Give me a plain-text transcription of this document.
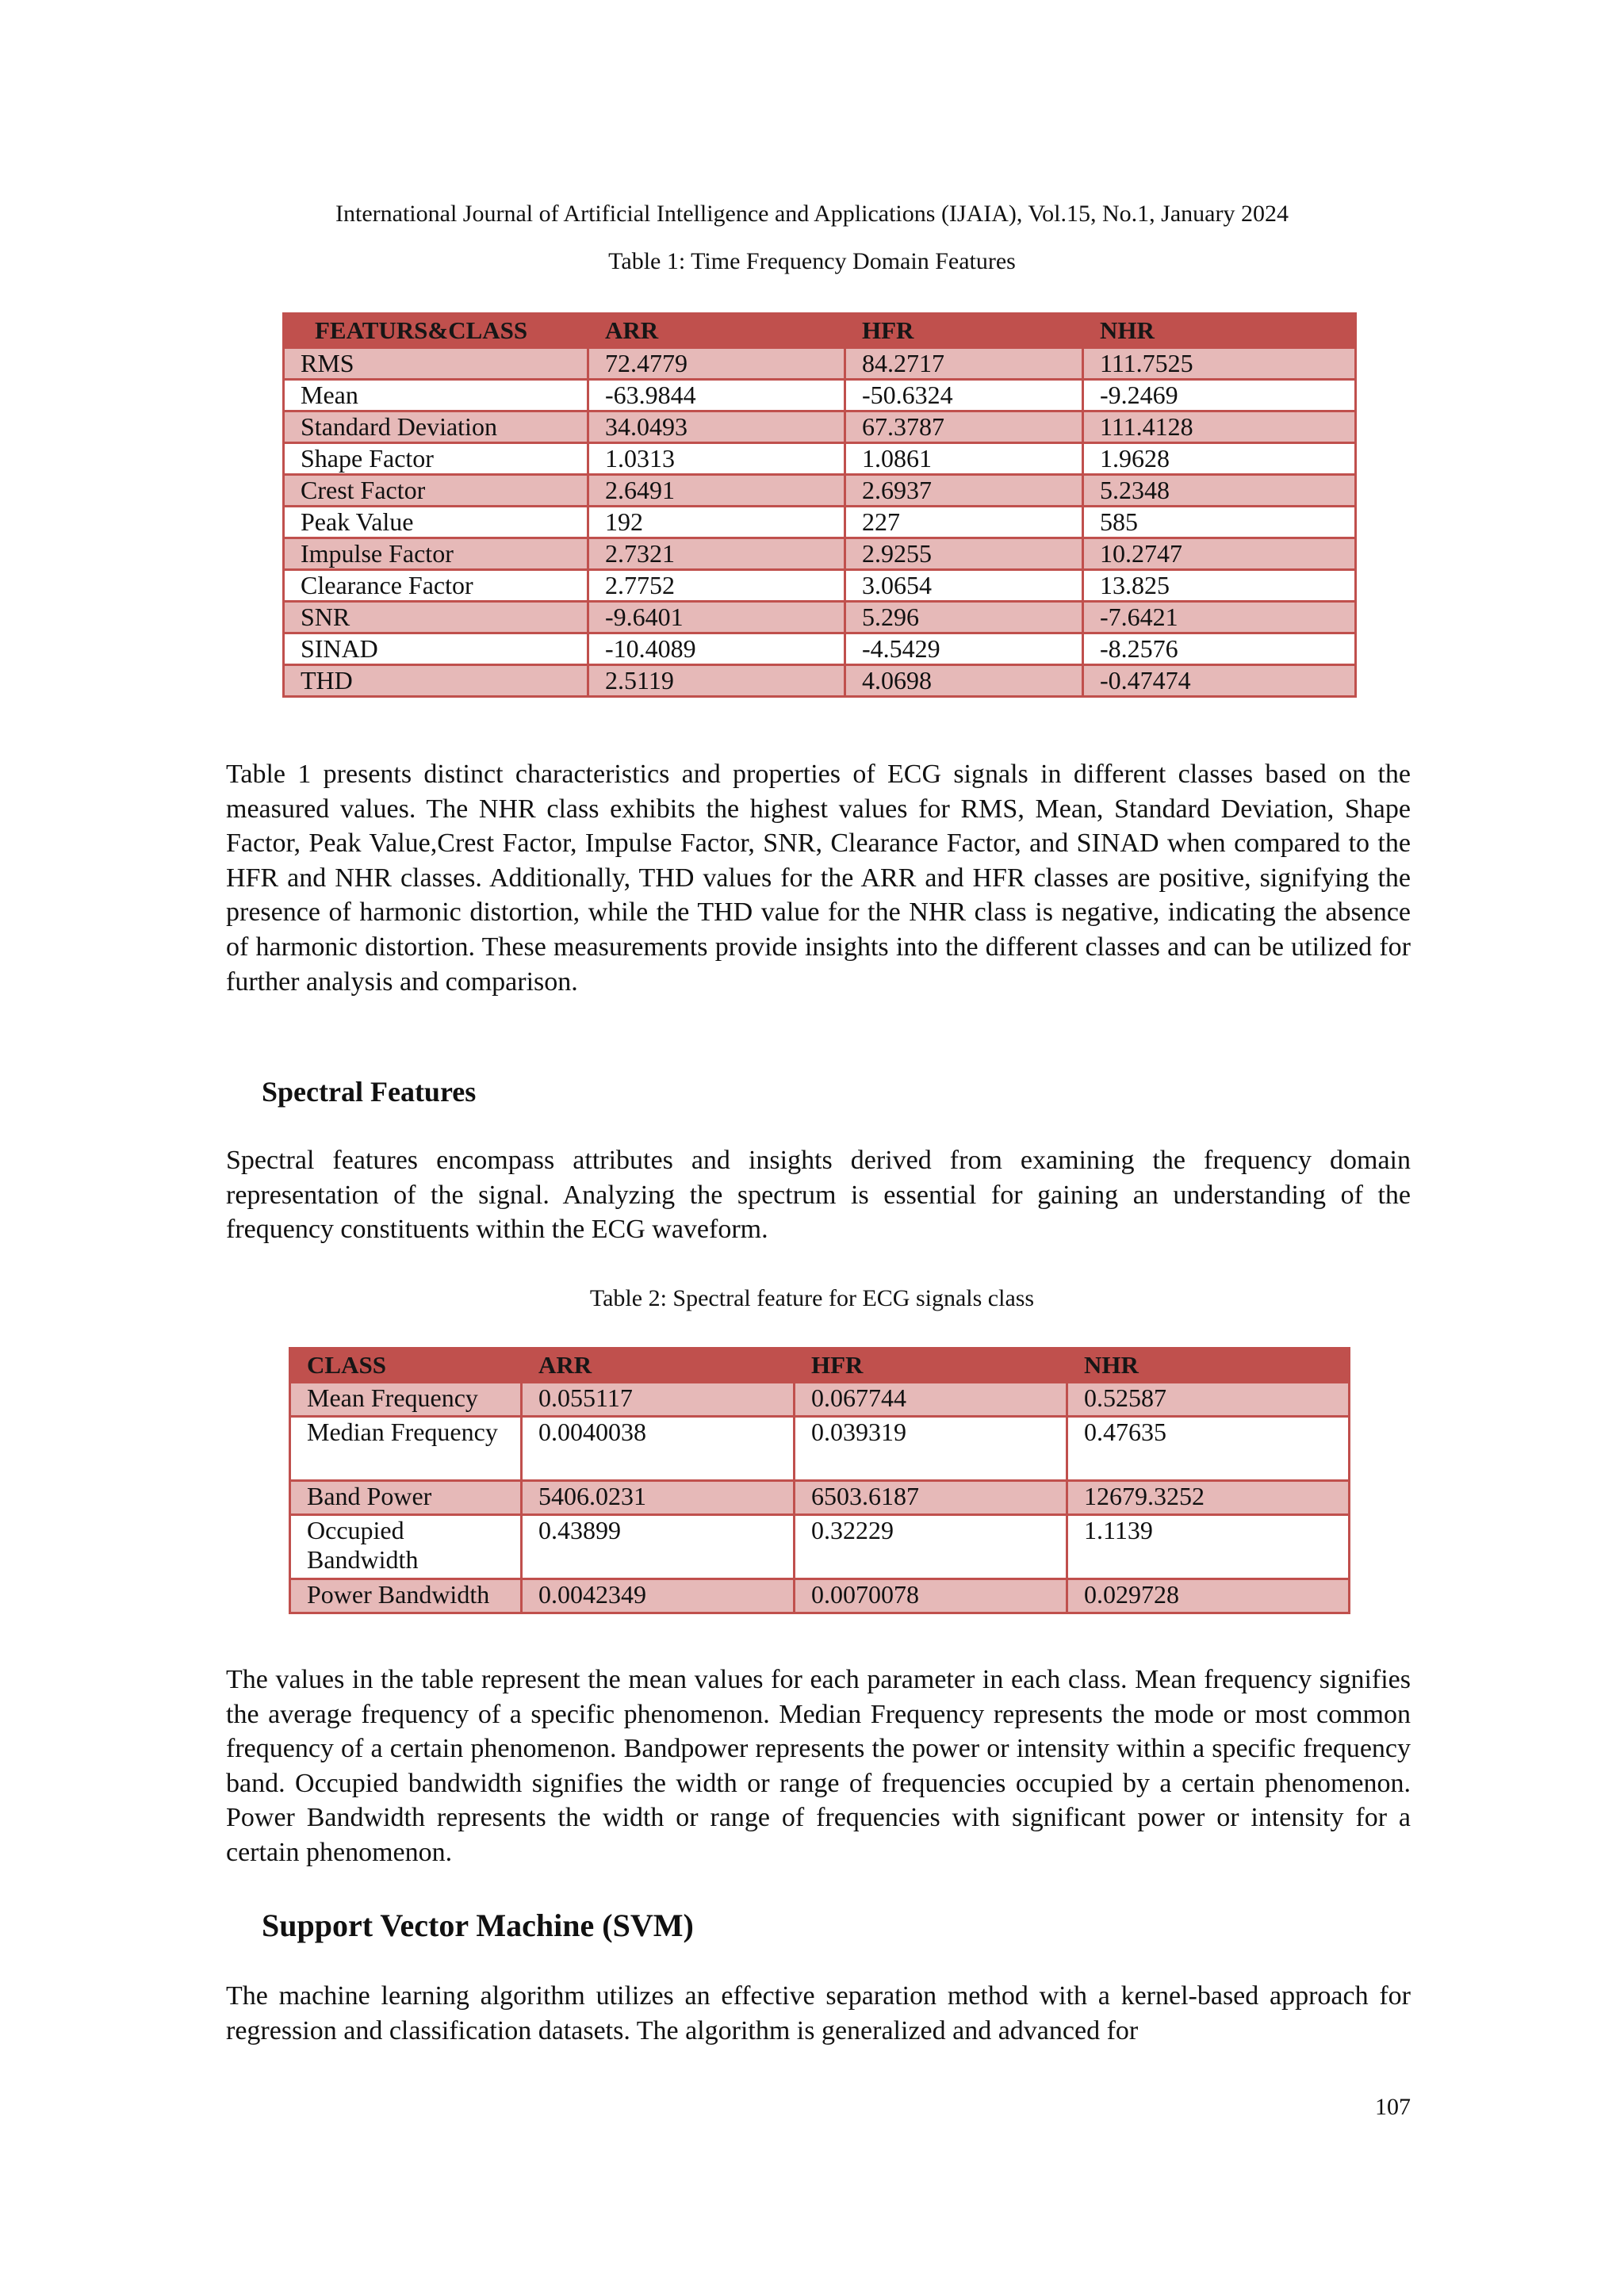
International Journal of Artificial Intelligence and Applications (IJAIA), Vol.15, No.1, January 2024
Table 1: Time Frequency Domain Features
FEATURS&CLASS	ARR	HFR	NHR
RMS	72.4779	84.2717	111.7525
Mean	-63.9844	-50.6324	-9.2469
Standard Deviation	34.0493	67.3787	111.4128
Shape Factor	1.0313	1.0861	1.9628
Crest Factor	2.6491	2.6937	5.2348
Peak Value	192	227	585
Impulse Factor	2.7321	2.9255	10.2747
Clearance Factor	2.7752	3.0654	13.825
SNR	-9.6401	5.296	-7.6421
SINAD	-10.4089	-4.5429	-8.2576
THD	2.5119	4.0698	-0.47474

Table 1 presents distinct characteristics and properties of ECG signals in different classes based on the measured values. The NHR class exhibits the highest values for RMS, Mean, Standard Deviation, Shape Factor, Peak Value,Crest Factor, Impulse Factor, SNR, Clearance Factor, and SINAD when compared to the HFR and NHR classes. Additionally, THD values for the ARR and HFR classes are positive, signifying the presence of harmonic distortion, while the THD value for the NHR class is negative, indicating the absence of harmonic distortion. These measurements provide insights into the different classes and can be utilized for further analysis and comparison.

Spectral Features

Spectral features encompass attributes and insights derived from examining the frequency domain representation of the signal. Analyzing the spectrum is essential for gaining an understanding of the frequency constituents within the ECG waveform.

Table 2: Spectral feature for ECG signals class
CLASS	ARR	HFR	NHR
Mean Frequency	0.055117	0.067744	0.52587
Median Frequency	0.0040038	0.039319	0.47635
Band Power	5406.0231	6503.6187	12679.3252
Occupied Bandwidth	0.43899	0.32229	1.1139
Power Bandwidth	0.0042349	0.0070078	0.029728

The values in the table represent the mean values for each parameter in each class. Mean frequency signifies the average frequency of a specific phenomenon. Median Frequency represents the mode or most common frequency of a certain phenomenon. Bandpower represents the power or intensity within a specific frequency band. Occupied bandwidth signifies the width or range of frequencies occupied by a certain phenomenon. Power Bandwidth represents the width or range of frequencies with significant power or intensity for a certain phenomenon.

Support Vector Machine (SVM)

The machine learning algorithm utilizes an effective separation method with a kernel-based approach for regression and classification datasets. The algorithm is generalized and advanced for

107
